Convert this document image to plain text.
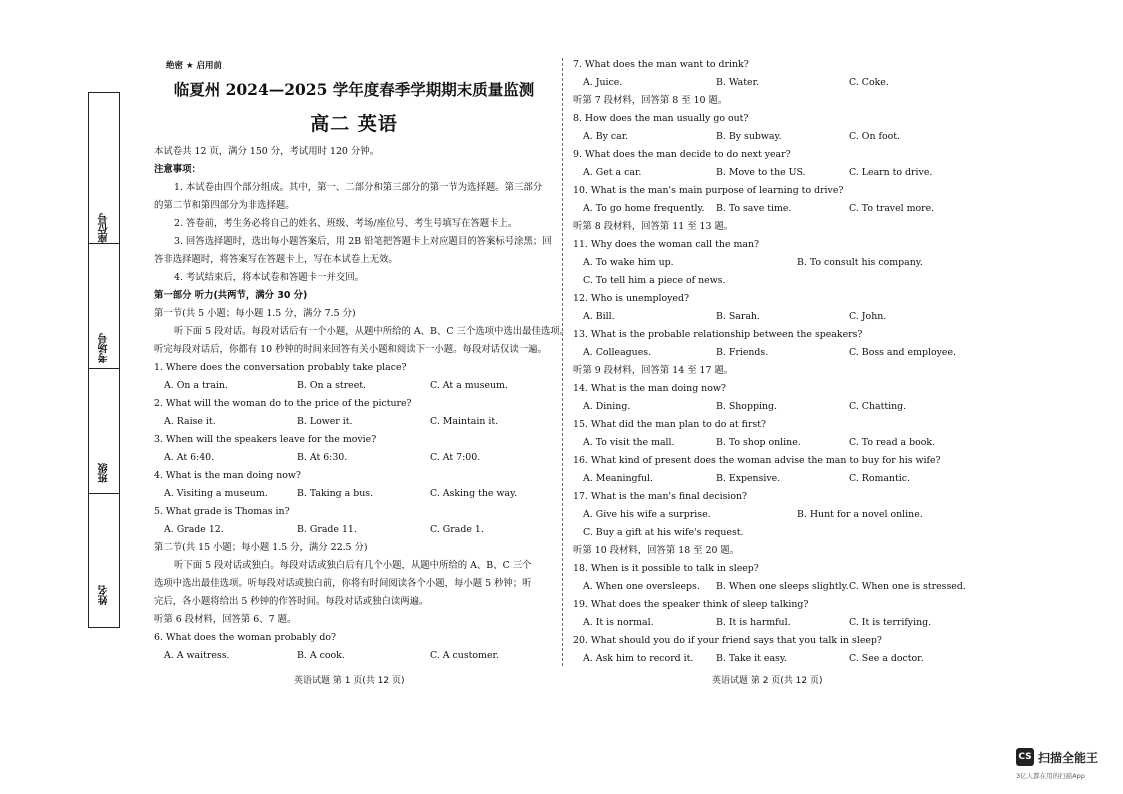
座位号
考场号
班级
姓名
绝密 ★ 启用前
临夏州 2024—2025 学年度春季学期期末质量监测
高二 英语
本试卷共 12 页，满分 150 分，考试用时 120 分钟。
注意事项：
1. 本试卷由四个部分组成。其中，第一、二部分和第三部分的第一节为选择题。第三部分
的第二节和第四部分为非选择题。
2. 答卷前，考生务必将自己的姓名、班级、考场/座位号、考生号填写在答题卡上。
3. 回答选择题时，选出每小题答案后，用 2B 铅笔把答题卡上对应题目的答案标号涂黑；回
答非选择题时，将答案写在答题卡上，写在本试卷上无效。
4. 考试结束后，将本试卷和答题卡一并交回。
第一部分 听力(共两节，满分 30 分)
第一节(共 5 小题；每小题 1.5 分，满分 7.5 分)
听下面 5 段对话。每段对话后有一个小题，从题中所给的 A、B、C 三个选项中选出最佳选项。
听完每段对话后，你都有 10 秒钟的时间来回答有关小题和阅读下一小题。每段对话仅读一遍。
1. Where does the conversation probably take place?
A. On a train.	B. On a street.	C. At a museum.
2. What will the woman do to the price of the picture?
A. Raise it.	B. Lower it.	C. Maintain it.
3. When will the speakers leave for the movie?
A. At 6:40.	B. At 6:30.	C. At 7:00.
4. What is the man doing now?
A. Visiting a museum.	B. Taking a bus.	C. Asking the way.
5. What grade is Thomas in?
A. Grade 12.	B. Grade 11.	C. Grade 1.
第二节(共 15 小题；每小题 1.5 分，满分 22.5 分)
听下面 5 段对话或独白。每段对话或独白后有几个小题，从题中所给的 A、B、C 三个
选项中选出最佳选项。听每段对话或独白前，你将有时间阅读各个小题，每小题 5 秒钟；听
完后，各小题将给出 5 秒钟的作答时间。每段对话或独白读两遍。
听第 6 段材料，回答第 6、7 题。
6. What does the woman probably do?
A. A waitress.	B. A cook.	C. A customer.
7. What does the man want to drink?
A. Juice.	B. Water.	C. Coke.
听第 7 段材料，回答第 8 至 10 题。
8. How does the man usually go out?
A. By car.	B. By subway.	C. On foot.
9. What does the man decide to do next year?
A. Get a car.	B. Move to the US.	C. Learn to drive.
10. What is the man's main purpose of learning to drive?
A. To go home frequently. B. To save time.	C. To travel more.
听第 8 段材料，回答第 11 至 13 题。
11. Why does the woman call the man?
A. To wake him up.	B. To consult his company.
C. To tell him a piece of news.
12. Who is unemployed?
A. Bill.	B. Sarah.	C. John.
13. What is the probable relationship between the speakers?
A. Colleagues.	B. Friends.	C. Boss and employee.
听第 9 段材料，回答第 14 至 17 题。
14. What is the man doing now?
A. Dining.	B. Shopping.	C. Chatting.
15. What did the man plan to do at first?
A. To visit the mall.	B. To shop online.	C. To read a book.
16. What kind of present does the woman advise the man to buy for his wife?
A. Meaningful.	B. Expensive.	C. Romantic.
17. What is the man's final decision?
A. Give his wife a surprise.	B. Hunt for a novel online.
C. Buy a gift at his wife's request.
听第 10 段材料，回答第 18 至 20 题。
18. When is it possible to talk in sleep?
A. When one oversleeps. B. When one sleeps slightly. C. When one is stressed.
19. What does the speaker think of sleep talking?
A. It is normal.	B. It is harmful.	C. It is terrifying.
20. What should you do if your friend says that you talk in sleep?
A. Ask him to record it. B. Take it easy.	C. See a doctor.
英语试题 第 1 页(共 12 页)	英语试题 第 2 页(共 12 页)
CS 扫描全能王
3亿人都在用的扫描App
